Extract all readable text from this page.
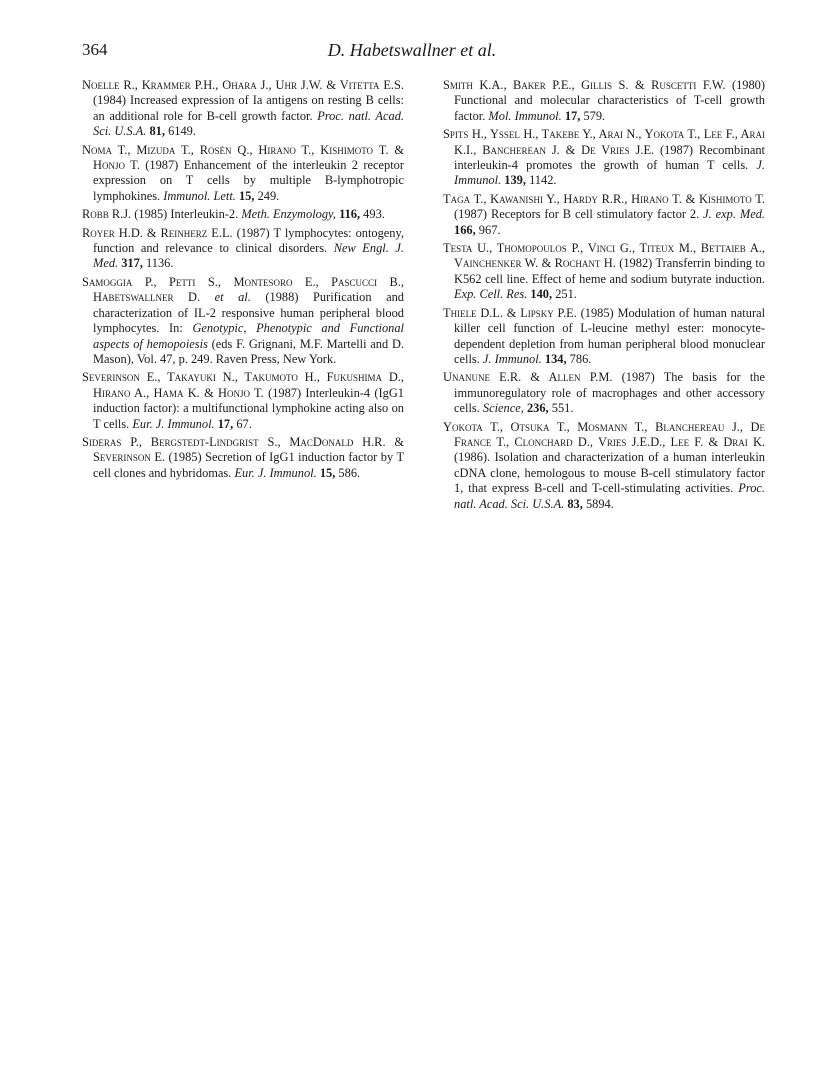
364	D. Habetswallner et al.

Noelle R., Krammer P.H., Ohara J., Uhr J.W. & Vitetta E.S. (1984) Increased expression of Ia antigens on resting B cells: an additional role for B-cell growth factor. Proc. natl. Acad. Sci. U.S.A. 81, 6149.

Noma T., Mizuda T., Rosén Q., Hirano T., Kishimoto T. & Honjo T. (1987) Enhancement of the interleukin 2 receptor expression on T cells by multiple B-lymphotropic lymphokines. Immunol. Lett. 15, 249.

Robb R.J. (1985) Interleukin-2. Meth. Enzymology, 116, 493.

Royer H.D. & Reinherz E.L. (1987) T lymphocytes: ontogeny, function and relevance to clinical disorders. New Engl. J. Med. 317, 1136.

Samoggia P., Petti S., Montesoro E., Pascucci B., Habetswallner D. et al. (1988) Purification and characterization of IL-2 responsive human peripheral blood lymphocytes. In: Genotypic, Phenotypic and Functional aspects of hemopoiesis (eds F. Grignani, M.F. Martelli and D. Mason), Vol. 47, p. 249. Raven Press, New York.

Severinson E., Takayuki N., Takumoto H., Fukushima D., Hirano A., Hama K. & Honjo T. (1987) Interleukin-4 (IgG1 induction factor): a multifunctional lymphokine acting also on T cells. Eur. J. Immunol. 17, 67.

Sideras P., Bergstedt-Lindgrist S., MacDonald H.R. & Severinson E. (1985) Secretion of IgG1 induction factor by T cell clones and hybridomas. Eur. J. Immunol. 15, 586.

Smith K.A., Baker P.E., Gillis S. & Ruscetti F.W. (1980) Functional and molecular characteristics of T-cell growth factor. Mol. Immunol. 17, 579.

Spits H., Yssel H., Takebe Y., Arai N., Yokota T., Lee F., Arai K.I., Bancherean J. & De Vries J.E. (1987) Recombinant interleukin-4 promotes the growth of human T cells. J. Immunol. 139, 1142.

Taga T., Kawanishi Y., Hardy R.R., Hirano T. & Kishimoto T. (1987) Receptors for B cell stimulatory factor 2. J. exp. Med. 166, 967.

Testa U., Thomopoulos P., Vinci G., Titeux M., Bettaieb A., Vainchenker W. & Rochant H. (1982) Transferrin binding to K562 cell line. Effect of heme and sodium butyrate induction. Exp. Cell. Res. 140, 251.

Thiele D.L. & Lipsky P.E. (1985) Modulation of human natural killer cell function of L-leucine methyl ester: monocyte-dependent depletion from human peripheral blood monuclear cells. J. Immunol. 134, 786.

Unanune E.R. & Allen P.M. (1987) The basis for the immunoregulatory role of macrophages and other accessory cells. Science, 236, 551.

Yokota T., Otsuka T., Mosmann T., Blanchereau J., De France T., Clonchard D., Vries J.E.D., Lee F. & Drai K. (1986). Isolation and characterization of a human interleukin cDNA clone, hemologous to mouse B-cell stimulatory factor 1, that express B-cell and T-cell-stimulating activities. Proc. natl. Acad. Sci. U.S.A. 83, 5894.
